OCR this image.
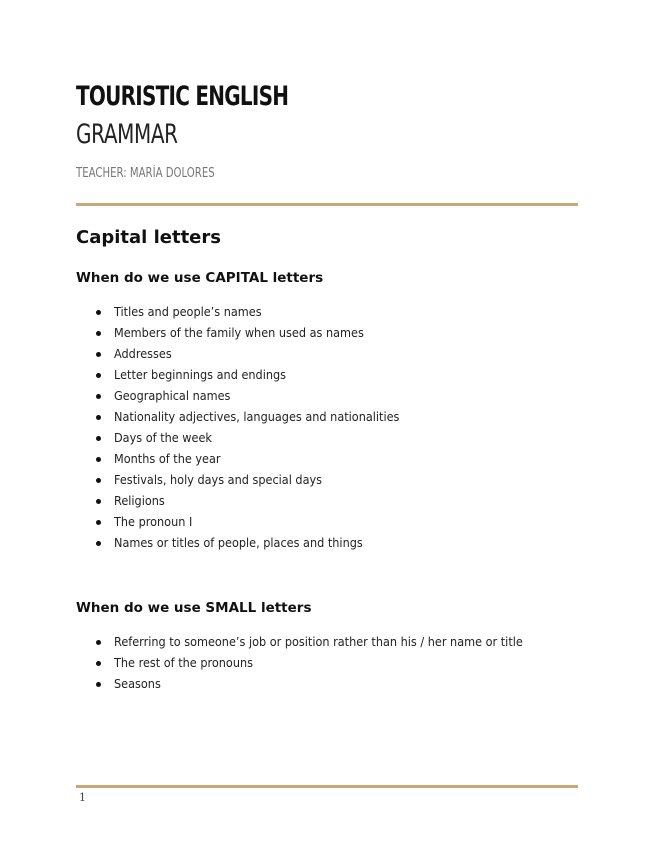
TOURISTIC ENGLISH
GRAMMAR
TEACHER: MARÍA DOLORES
Capital letters
When do we use CAPITAL letters
Titles and people’s names
Members of the family when used as names
Addresses
Letter beginnings and endings
Geographical names
Nationality adjectives, languages and nationalities
Days of the week
Months of the year
Festivals, holy days and special days
Religions
The pronoun I
Names or titles of people, places and things
When do we use SMALL letters
Referring to someone’s job or position rather than his / her name or title
The rest of the pronouns
Seasons
1
